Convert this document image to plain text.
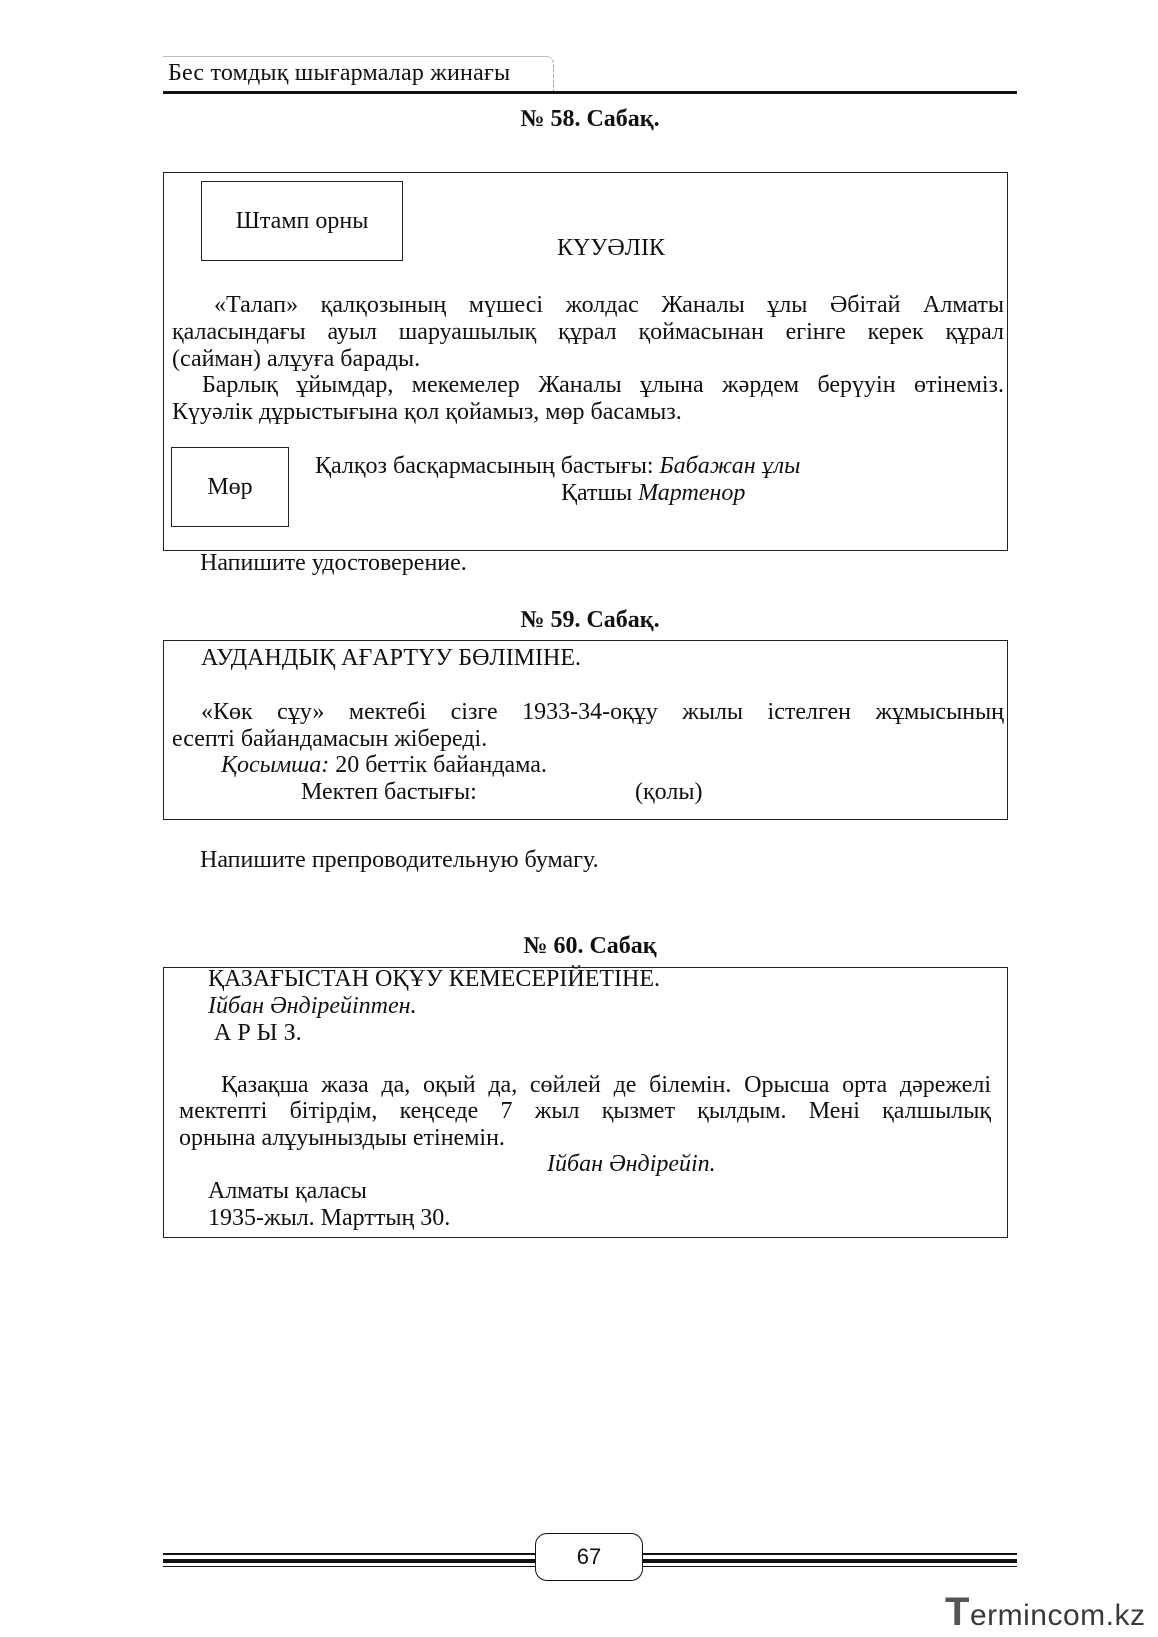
Бес томдық шығармалар жинағы
№ 58. Сабақ.
Штамп орны
КҮУӘЛІК
«Талап» қалқозының мүшесі жолдас Жаналы ұлы Әбітай Алматы
қаласындағы ауыл шаруашылық құрал қоймасынан егінге керек құрал
(сайман) алұуға барады.
Барлық ұйымдар, мекемелер Жаналы ұлына жәрдем берүуін өтінеміз.
Күуәлік дұрыстығына қол қойамыз, мөр басамыз.
Мөр
Қалқоз басқармасының бастығы: Бабажан ұлы
Қатшы Мартенор
Напишите удостоверение.
№ 59. Сабақ.
АУДАНДЫҚ АҒАРТҮУ БӨЛІМІНЕ.
«Көк сұу» мектебі сізге 1933-34-оқұу жылы істелген жұмысының
есепті байандамасын жібереді.
Қосымша: 20 беттік байандама.
Мектеп бастығы:	(қолы)
Напишите препроводительную бумагу.
№ 60. Сабақ
ҚАЗАҒЫСТАН ОҚҰУ КЕМЕСЕРІЙЕТІНЕ.
Ійбан Әндірейіптен.
А Р Ы З.
Қазақша жаза да, оқый да, сөйлей де білемін. Орысша орта дәрежелі
мектепті бітірдім, кеңседе 7 жыл қызмет қылдым. Мені қалшылық
орнына алұуыныздыы етінемін.
Ійбан Әндірейіп.
Алматы қаласы
1935-жыл. Марттың 30.
67
Termincom.kz
